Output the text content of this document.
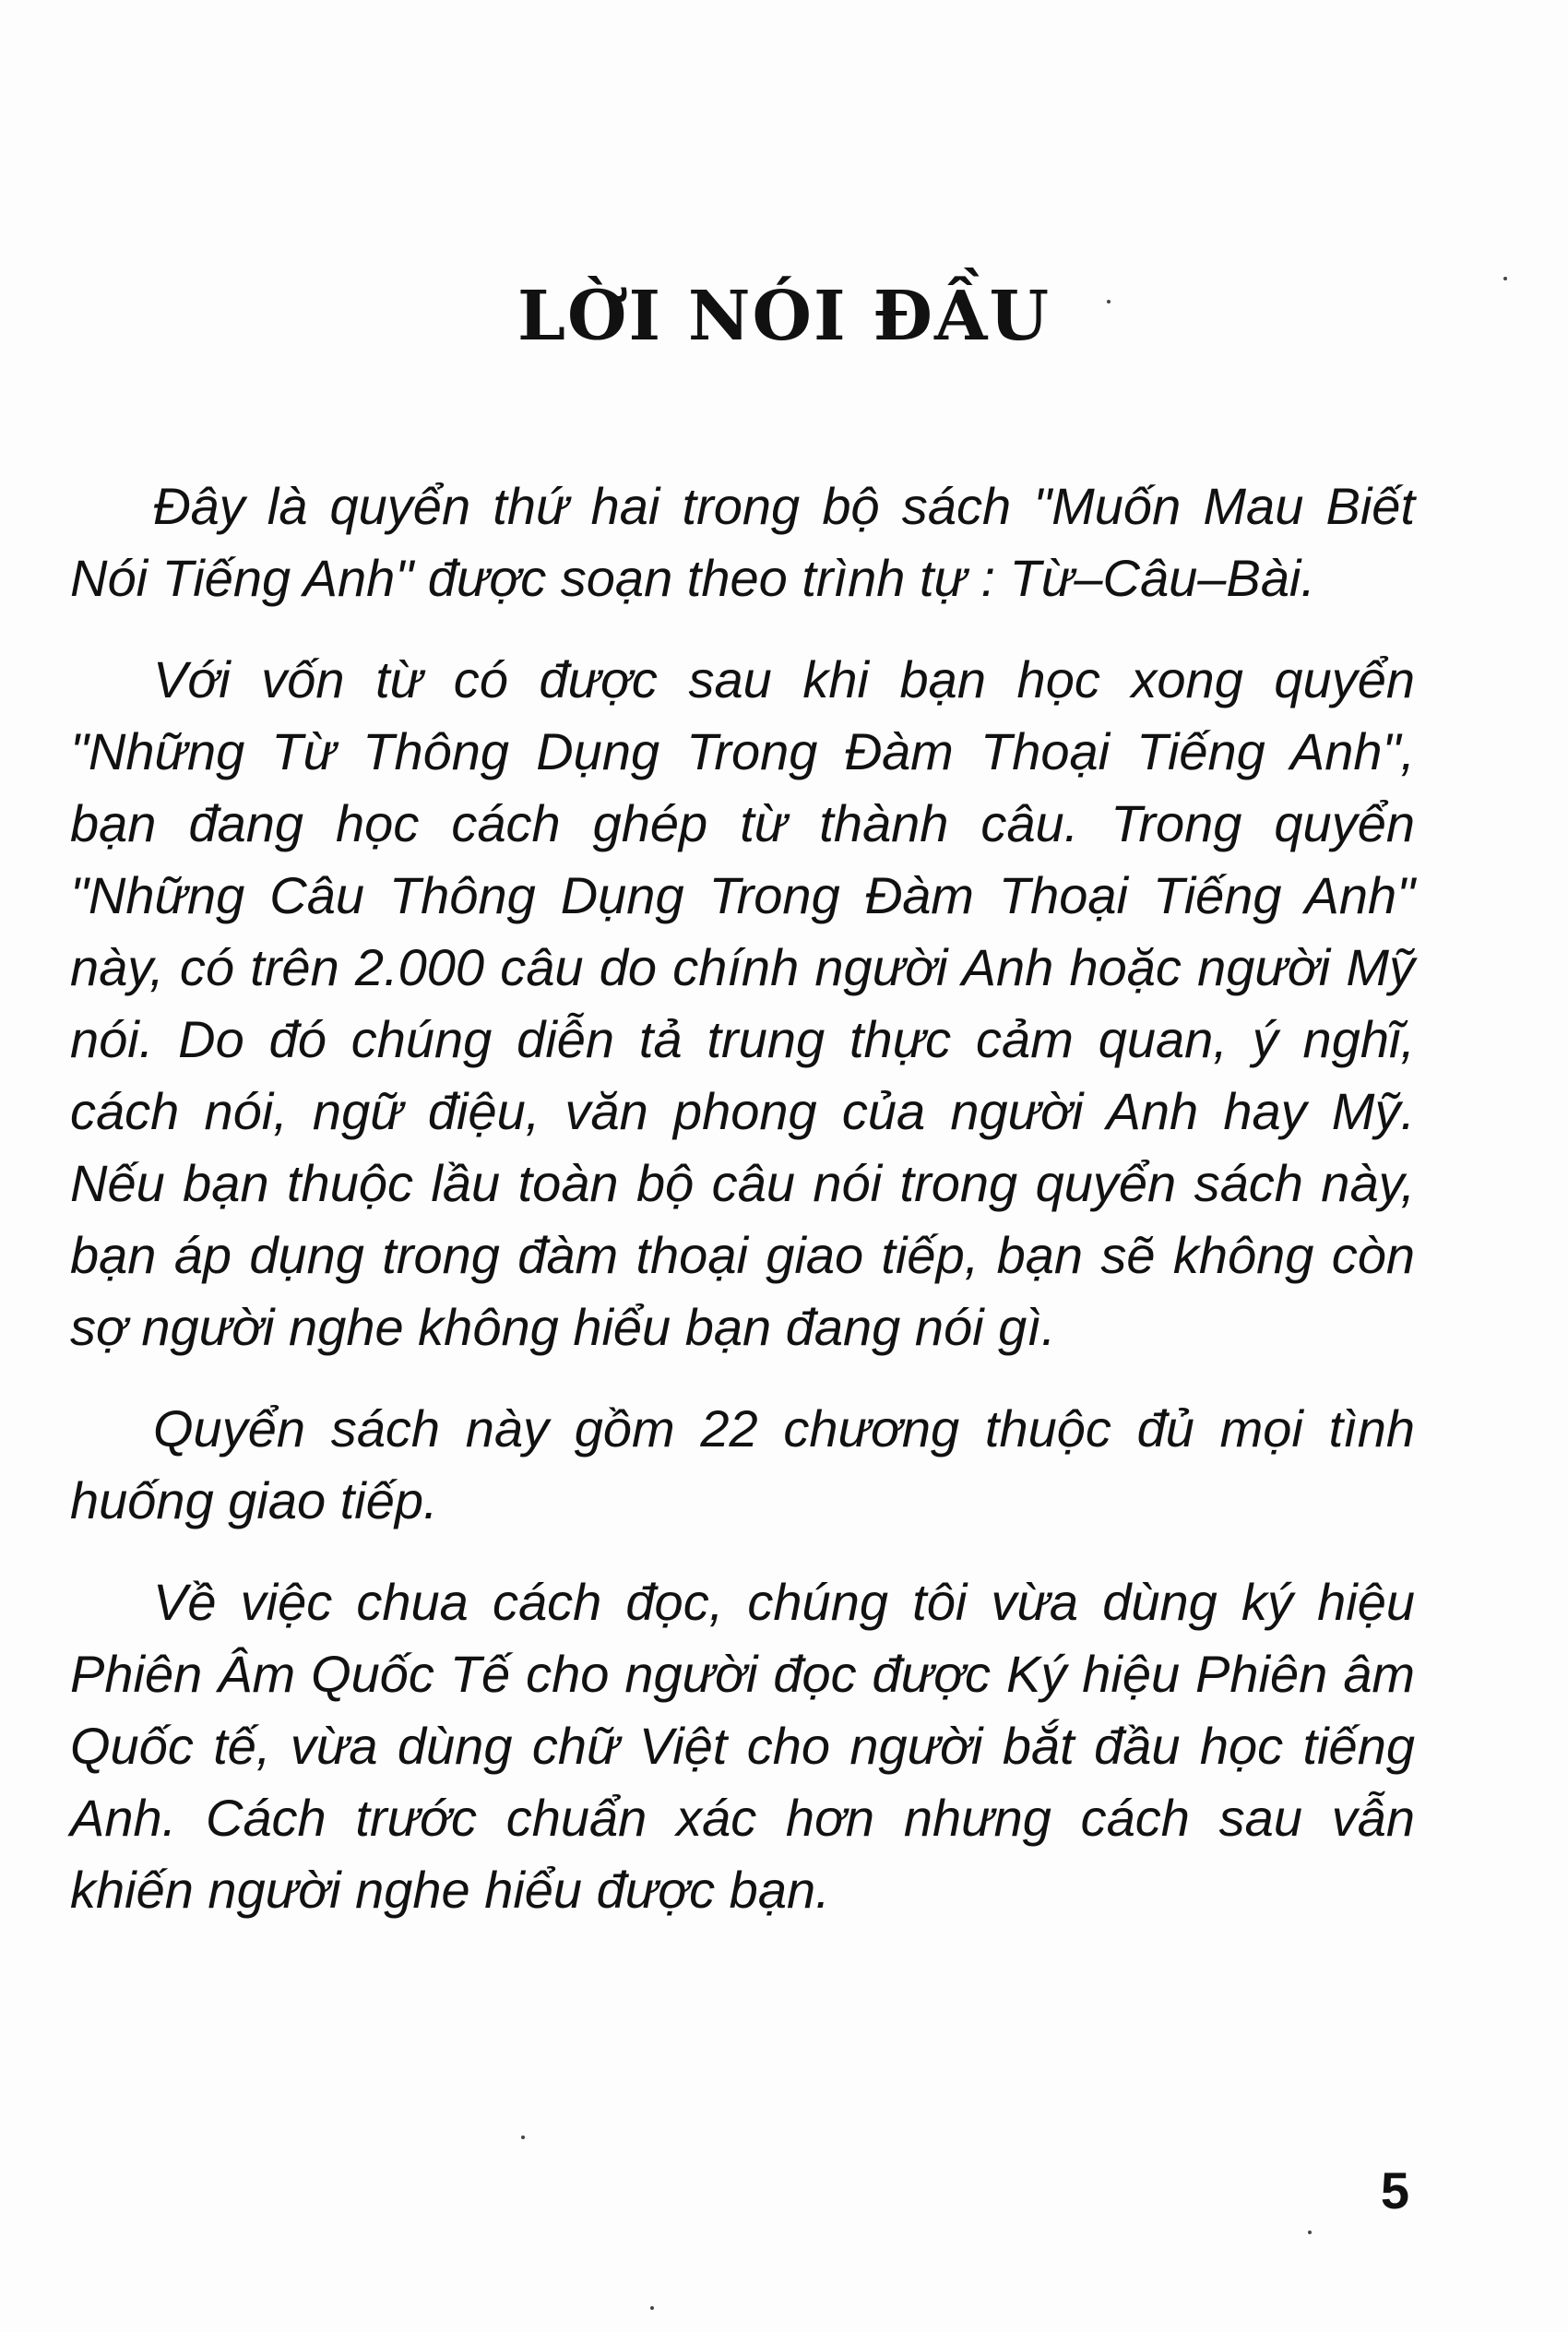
LỜI NÓI ĐẦU

Đây là quyển thứ hai trong bộ sách "Muốn Mau Biết Nói Tiếng Anh" được soạn theo trình tự : Từ–Câu–Bài.

Với vốn từ có được sau khi bạn học xong quyển "Những Từ Thông Dụng Trong Đàm Thoại Tiếng Anh", bạn đang học cách ghép từ thành câu. Trong quyển "Những Câu Thông Dụng Trong Đàm Thoại Tiếng Anh" này, có trên 2.000 câu do chính người Anh hoặc người Mỹ nói. Do đó chúng diễn tả trung thực cảm quan, ý nghĩ, cách nói, ngữ điệu, văn phong của người Anh hay Mỹ. Nếu bạn thuộc lầu toàn bộ câu nói trong quyển sách này, bạn áp dụng trong đàm thoại giao tiếp, bạn sẽ không còn sợ người nghe không hiểu bạn đang nói gì.

Quyển sách này gồm 22 chương thuộc đủ mọi tình huống giao tiếp.

Về việc chua cách đọc, chúng tôi vừa dùng ký hiệu Phiên Âm Quốc Tế cho người đọc được Ký hiệu Phiên âm Quốc tế, vừa dùng chữ Việt cho người bắt đầu học tiếng Anh. Cách trước chuẩn xác hơn nhưng cách sau vẫn khiến người nghe hiểu được bạn.

5
